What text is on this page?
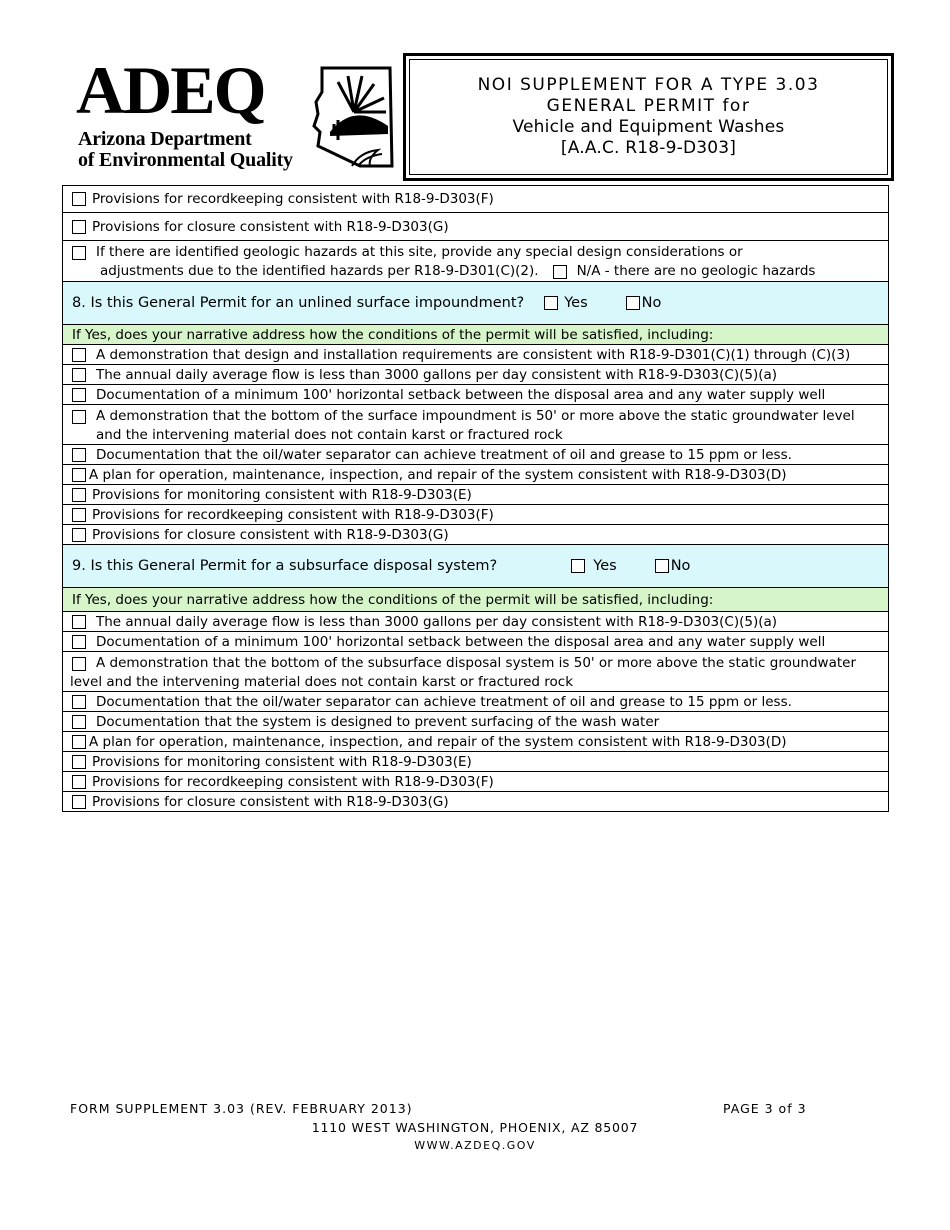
ADEQ
Arizona Department
of Environmental Quality
NOI SUPPLEMENT FOR A TYPE 3.03
GENERAL PERMIT for
Vehicle and Equipment Washes
[A.A.C. R18-9-D303]
Provisions for recordkeeping consistent with R18-9-D303(F)
Provisions for closure consistent with R18-9-D303(G)
If there are identified geologic hazards at this site, provide any special design considerations or
adjustments due to the identified hazards per R18-9-D301(C)(2).	N/A - there are no geologic hazards
8. Is this General Permit for an unlined surface impoundment?	Yes	No
If Yes, does your narrative address how the conditions of the permit will be satisfied, including:
A demonstration that design and installation requirements are consistent with R18-9-D301(C)(1) through (C)(3)
The annual daily average flow is less than 3000 gallons per day consistent with R18-9-D303(C)(5)(a)
Documentation of a minimum 100' horizontal setback between the disposal area and any water supply well
A demonstration that the bottom of the surface impoundment is 50' or more above the static groundwater level
and the intervening material does not contain karst or fractured rock
Documentation that the oil/water separator can achieve treatment of oil and grease to 15 ppm or less.
A plan for operation, maintenance, inspection, and repair of the system consistent with R18-9-D303(D)
Provisions for monitoring consistent with R18-9-D303(E)
Provisions for recordkeeping consistent with R18-9-D303(F)
Provisions for closure consistent with R18-9-D303(G)
9. Is this General Permit for a subsurface disposal system?	Yes	No
If Yes, does your narrative address how the conditions of the permit will be satisfied, including:
The annual daily average flow is less than 3000 gallons per day consistent with R18-9-D303(C)(5)(a)
Documentation of a minimum 100' horizontal setback between the disposal area and any water supply well
A demonstration that the bottom of the subsurface disposal system is 50' or more above the static groundwater
level and the intervening material does not contain karst or fractured rock
Documentation that the oil/water separator can achieve treatment of oil and grease to 15 ppm or less.
Documentation that the system is designed to prevent surfacing of the wash water
A plan for operation, maintenance, inspection, and repair of the system consistent with R18-9-D303(D)
Provisions for monitoring consistent with R18-9-D303(E)
Provisions for recordkeeping consistent with R18-9-D303(F)
Provisions for closure consistent with R18-9-D303(G)
FORM SUPPLEMENT 3.03 (REV. FEBRUARY 2013)	PAGE 3 of 3
1110 WEST WASHINGTON, PHOENIX, AZ 85007
WWW.AZDEQ.GOV
